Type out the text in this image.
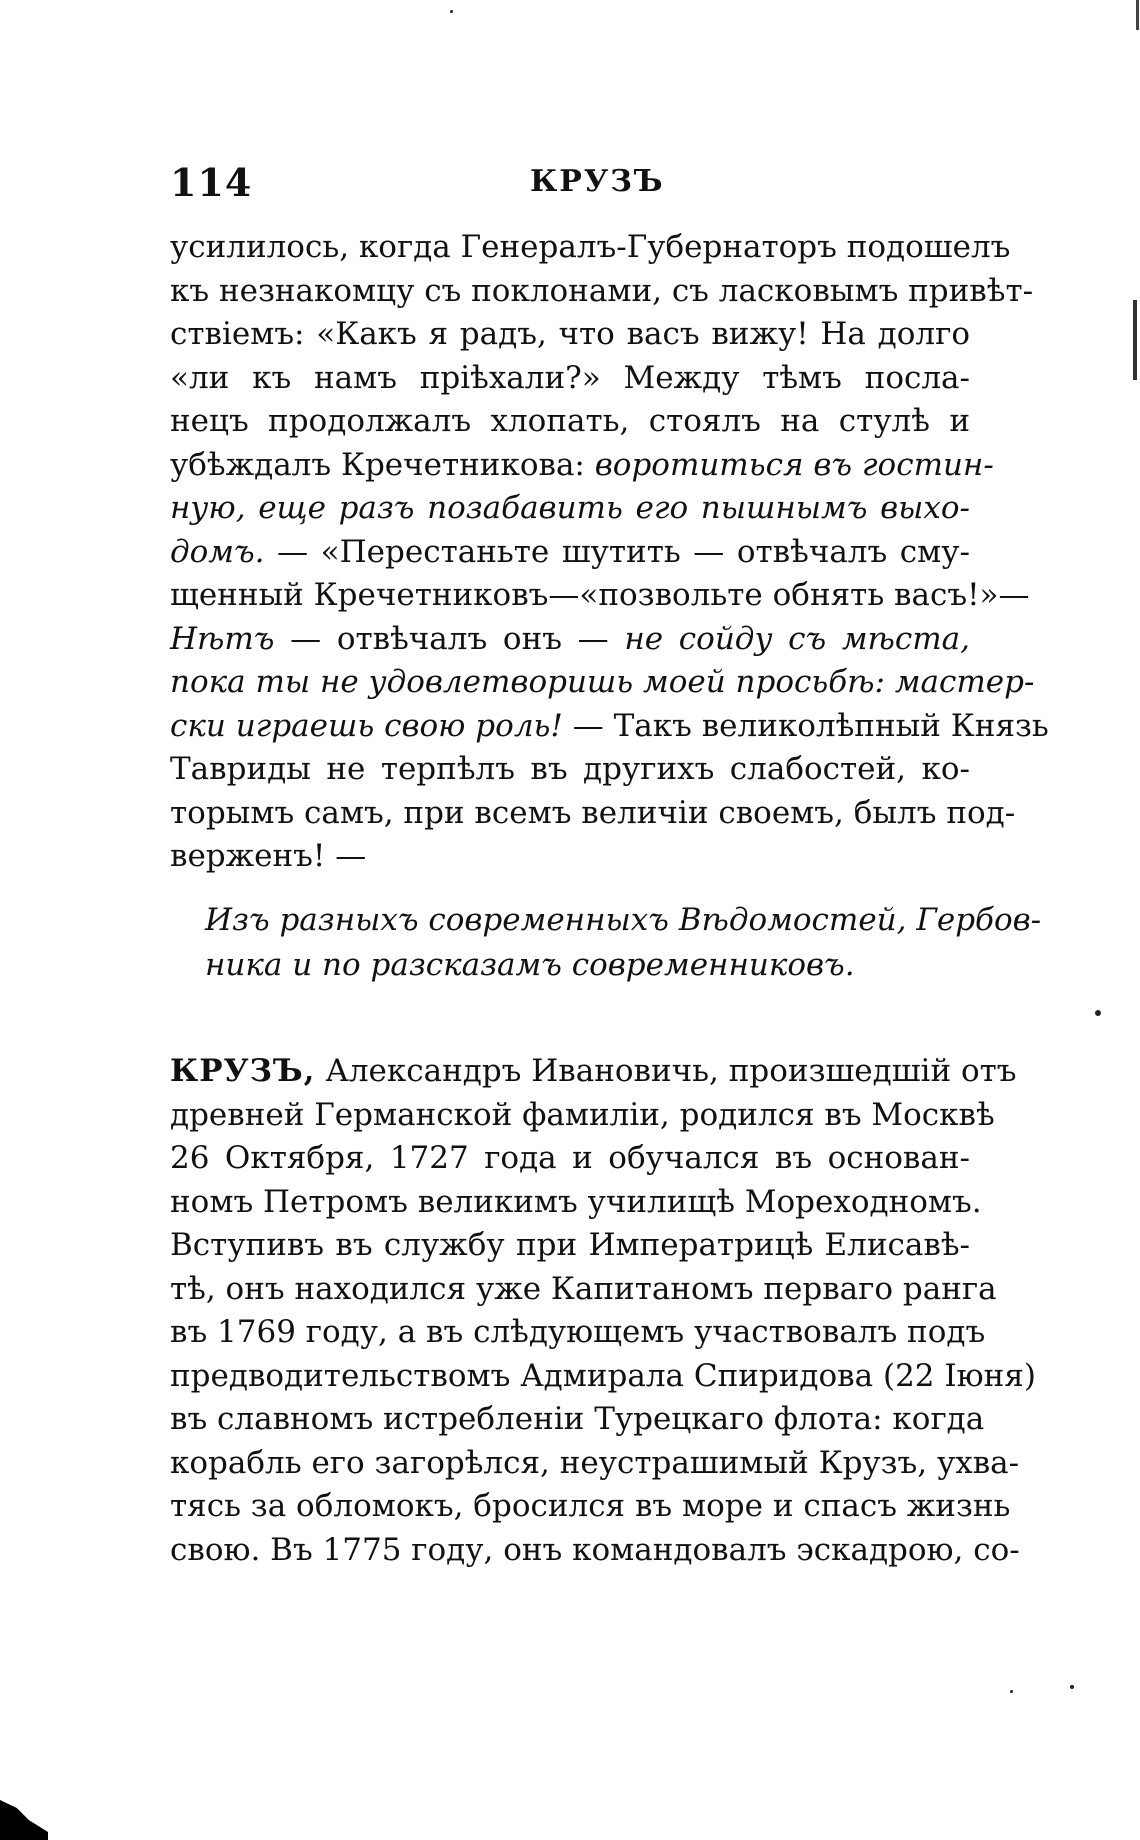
114	КРУЗЪ
усилилось, когда Генералъ-Губернаторъ подошелъ
къ незнакомцу съ поклонами, съ ласковымъ привѣт-
ствіемъ: «Какъ я радъ, что васъ вижу! На долго
«ли къ намъ пріѣхали?» Между тѣмъ посла-
нецъ продолжалъ хлопать, стоялъ на стулѣ и
убѣждалъ Кречетникова: воротиться въ гостин-
ную, еще разъ позабавить его пышнымъ выхо-
домъ. — «Перестаньте шутить — отвѣчалъ сму-
щенный Кречетниковъ—«позвольте обнять васъ!»—
Нѣтъ — отвѣчалъ онъ — не сойду съ мѣста,
пока ты не удовлетворишь моей просьбѣ: мастер-
ски играешь свою роль! — Такъ великолѣпный Князь
Тавриды не терпѣлъ въ другихъ слабостей, ко-
торымъ самъ, при всемъ величіи своемъ, былъ под-
верженъ! —
Изъ разныхъ современныхъ Вѣдомостей, Гербов-
ника и по разсказамъ современниковъ.
КРУЗЪ, Александръ Ивановичь, произшедшій отъ
древней Германской фамиліи, родился въ Москвѣ
26 Октября, 1727 года и обучался въ основан-
номъ Петромъ великимъ училищѣ Мореходномъ.
Вступивъ въ службу при Императрицѣ Елисавѣ-
тѣ, онъ находился уже Капитаномъ перваго ранга
въ 1769 году, а въ слѣдующемъ участвовалъ подъ
предводительствомъ Адмирала Спиридова (22 Іюня)
въ славномъ истребленіи Турецкаго флота: когда
корабль его загорѣлся, неустрашимый Крузъ, ухва-
тясь за обломокъ, бросился въ море и спасъ жизнь
свою. Въ 1775 году, онъ командовалъ эскадрою, со-
